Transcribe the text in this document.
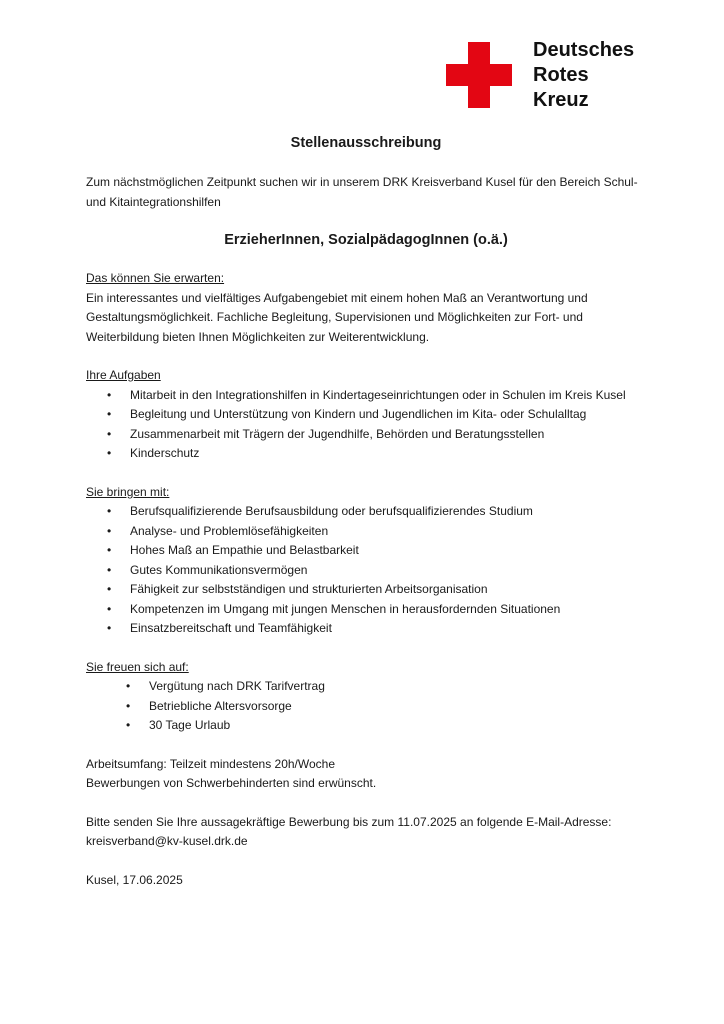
Deutsches
Rotes
Kreuz
Stellenausschreibung

Zum nächstmöglichen Zeitpunkt suchen wir in unserem DRK Kreisverband Kusel für den Bereich Schul- und Kitaintegrationshilfen

ErzieherInnen, SozialpädagogInnen (o.ä.)
Das können Sie erwarten:

Ein interessantes und vielfältiges Aufgabengebiet mit einem hohen Maß an Verantwortung und Gestaltungsmöglichkeit. Fachliche Begleitung, Supervisionen und Möglichkeiten zur Fort- und Weiterbildung bieten Ihnen Möglichkeiten zur Weiterentwicklung.

Ihre Aufgaben
• Mitarbeit in den Integrationshilfen in Kindertageseinrichtungen oder in Schulen im Kreis Kusel
• Begleitung und Unterstützung von Kindern und Jugendlichen im Kita- oder Schulalltag
• Zusammenarbeit mit Trägern der Jugendhilfe, Behörden und Beratungsstellen
• Kinderschutz
Sie bringen mit:
• Berufsqualifizierende Berufsausbildung oder berufsqualifizierendes Studium
• Analyse- und Problemlösefähigkeiten
• Hohes Maß an Empathie und Belastbarkeit
• Gutes Kommunikationsvermögen
• Fähigkeit zur selbstständigen und strukturierten Arbeitsorganisation
• Kompetenzen im Umgang mit jungen Menschen in herausfordernden Situationen
• Einsatzbereitschaft und Teamfähigkeit
Sie freuen sich auf:
• Vergütung nach DRK Tarifvertrag
• Betriebliche Altersvorsorge
• 30 Tage Urlaub

Arbeitsumfang: Teilzeit mindestens 20h/Woche

Bewerbungen von Schwerbehinderten sind erwünscht.

Bitte senden Sie Ihre aussagekräftige Bewerbung bis zum 11.07.2025 an folgende E-Mail-Adresse:

kreisverband@kv-kusel.drk.de

Kusel, 17.06.2025
